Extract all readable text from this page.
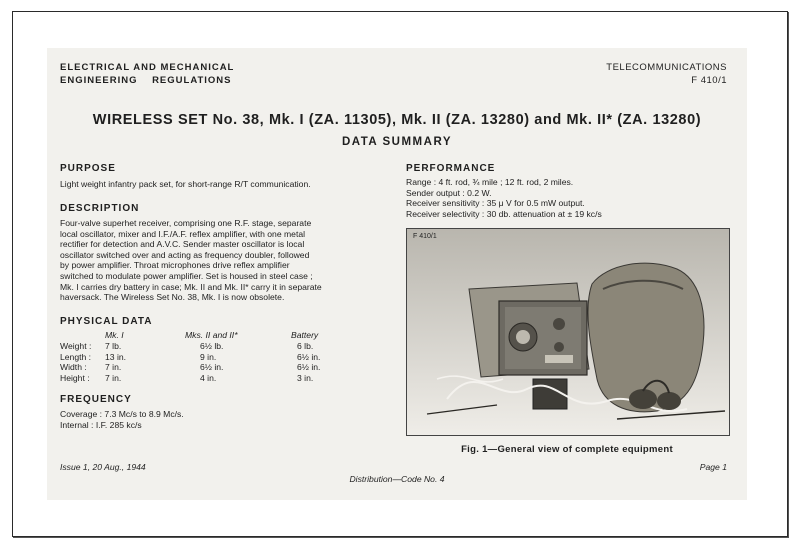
ELECTRICAL AND MECHANICAL
ENGINEERING    REGULATIONS
TELECOMMUNICATIONS
F 410/1
WIRELESS SET No. 38, Mk. I (ZA. 11305), Mk. II (ZA. 13280) and Mk. II* (ZA. 13280)
DATA SUMMARY
PURPOSE
Light weight infantry pack set, for short-range R/T communication.
DESCRIPTION
Four-valve superhet receiver, comprising one R.F. stage, separate
local oscillator, mixer and I.F./A.F. reflex amplifier, with one metal
rectifier for detection and A.V.C. Sender master oscillator is local
oscillator switched over and acting as frequency doubler, followed
by power amplifier. Throat microphones drive reflex amplifier
switched to modulate power amplifier. Set is housed in steel case ;
Mk. I carries dry battery in case; Mk. II and Mk. II* carry it in separate
haversack. The Wireless Set No. 38, Mk. I is now obsolete.
PHYSICAL DATA
Mk. I	Mks. II and II*	Battery
Weight : 7 lb.	6½ lb.	6 lb.
Length : 13 in.	9 in.	6½ in.
Width : 7 in.	6½ in.	6½ in.
Height : 7 in.	4 in.	3 in.
FREQUENCY
Coverage : 7.3 Mc/s to 8.9 Mc/s.
Internal : I.F. 285 kc/s
PERFORMANCE
Range : 4 ft. rod, ¾ mile ; 12 ft. rod, 2 miles.
Sender output : 0.2 W.
Receiver sensitivity : 35 μ V for 0.5 mW output.
Receiver selectivity : 30 db. attenuation at ± 19 kc/s
F 410/1
Fig. 1—General view of complete equipment
Issue 1, 20 Aug., 1944
Distribution—Code No. 4
Page 1
